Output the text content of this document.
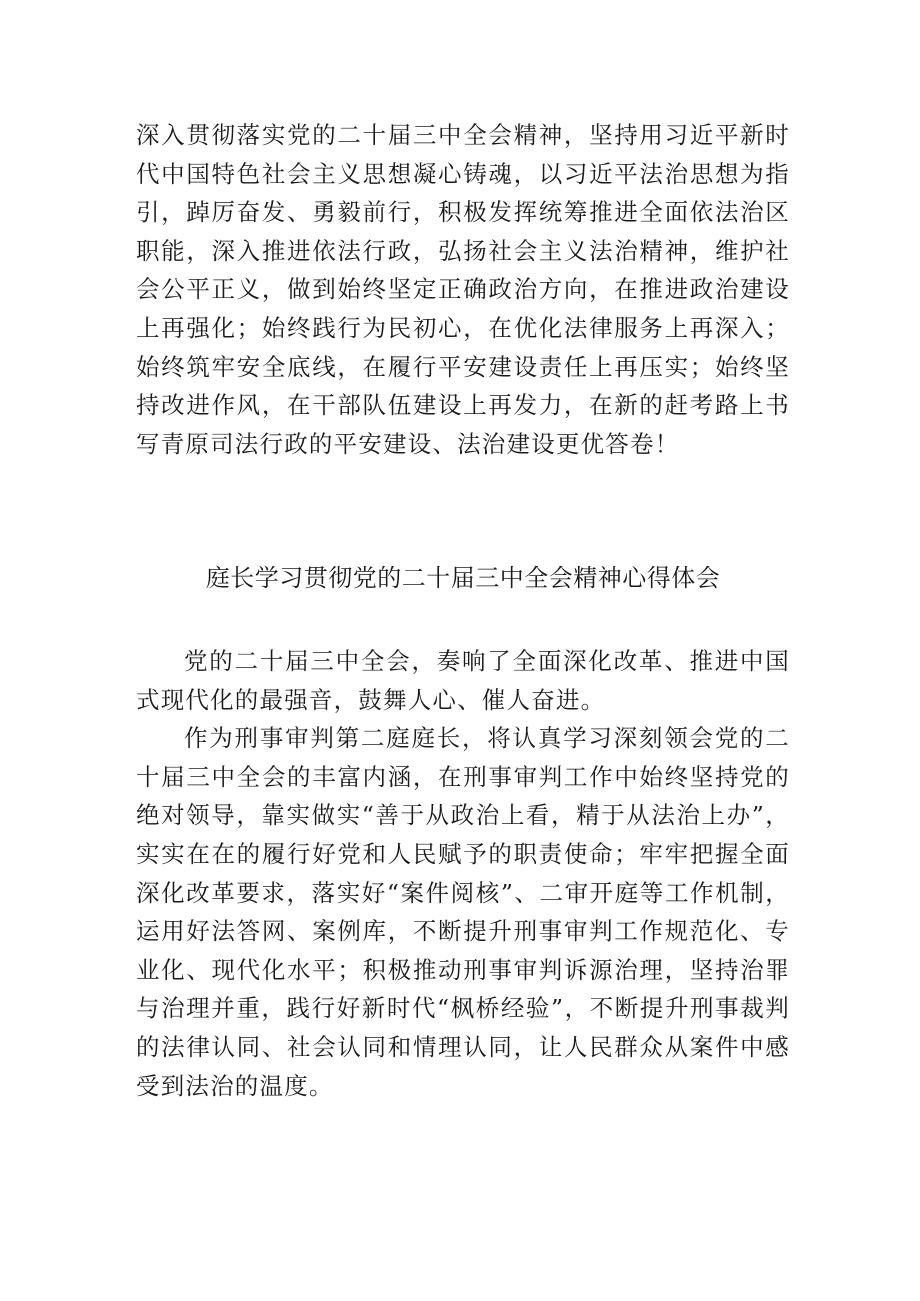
深入贯彻落实党的二十届三中全会精神，坚持用习近平新时代中国特色社会主义思想凝心铸魂，以习近平法治思想为指引，踔厉奋发、勇毅前行，积极发挥统筹推进全面依法治区职能，深入推进依法行政，弘扬社会主义法治精神，维护社会公平正义，做到始终坚定正确政治方向，在推进政治建设上再强化；始终践行为民初心，在优化法律服务上再深入；始终筑牢安全底线，在履行平安建设责任上再压实；始终坚持改进作风，在干部队伍建设上再发力，在新的赶考路上书写青原司法行政的平安建设、法治建设更优答卷！

庭长学习贯彻党的二十届三中全会精神心得体会

党的二十届三中全会，奏响了全面深化改革、推进中国式现代化的最强音，鼓舞人心、催人奋进。

作为刑事审判第二庭庭长，将认真学习深刻领会党的二十届三中全会的丰富内涵，在刑事审判工作中始终坚持党的绝对领导，靠实做实“善于从政治上看，精于从法治上办”，实实在在的履行好党和人民赋予的职责使命；牢牢把握全面深化改革要求，落实好“案件阅核”、二审开庭等工作机制，运用好法答网、案例库，不断提升刑事审判工作规范化、专业化、现代化水平；积极推动刑事审判诉源治理，坚持治罪与治理并重，践行好新时代“枫桥经验”，不断提升刑事裁判的法律认同、社会认同和情理认同，让人民群众从案件中感受到法治的温度。
